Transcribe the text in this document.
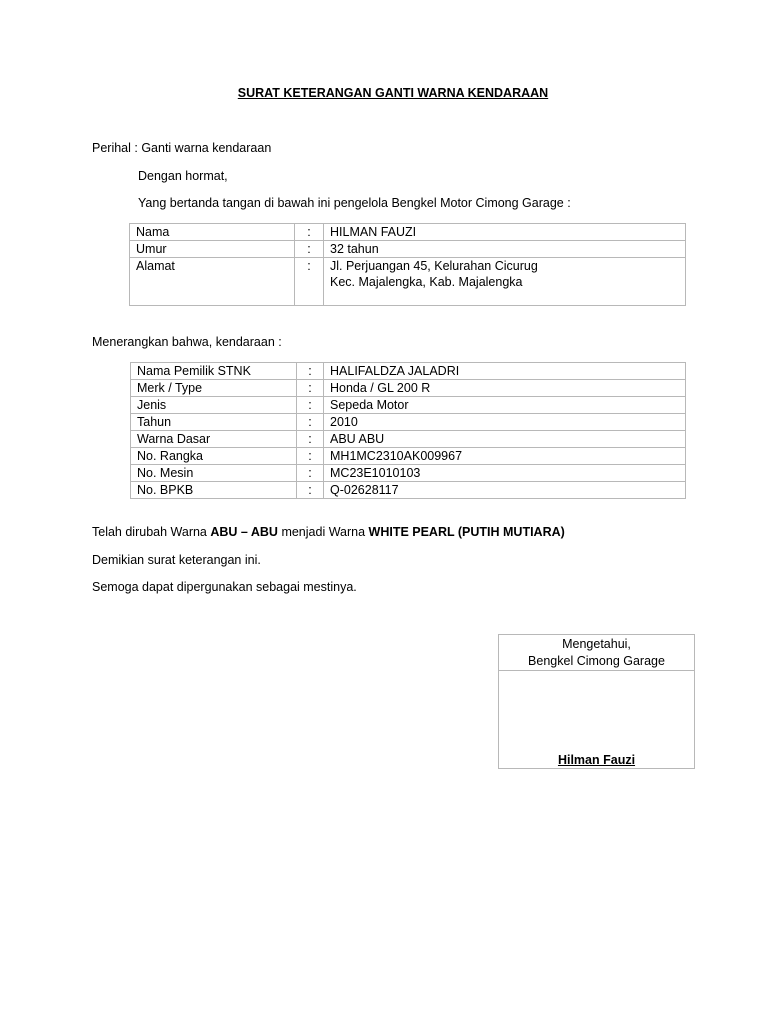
SURAT KETERANGAN GANTI WARNA KENDARAAN
Perihal : Ganti warna kendaraan
Dengan hormat,
Yang bertanda tangan di bawah ini pengelola Bengkel Motor Cimong Garage :
Nama	:	HILMAN FAUZI
Umur	:	32 tahun
Alamat	:	Jl. Perjuangan 45, Kelurahan Cicurug
Kec. Majalengka, Kab. Majalengka
Menerangkan bahwa, kendaraan :
Nama Pemilik STNK	:	HALIFALDZA JALADRI
Merk / Type	:	Honda / GL 200 R
Jenis	:	Sepeda Motor
Tahun	:	2010
Warna Dasar	:	ABU ABU
No. Rangka	:	MH1MC2310AK009967
No. Mesin	:	MC23E1010103
No. BPKB	:	Q-02628117
Telah dirubah Warna ABU – ABU menjadi Warna WHITE PEARL (PUTIH MUTIARA)
Demikian surat keterangan ini.
Semoga dapat dipergunakan sebagai mestinya.
Mengetahui,
Bengkel Cimong Garage
Hilman Fauzi
